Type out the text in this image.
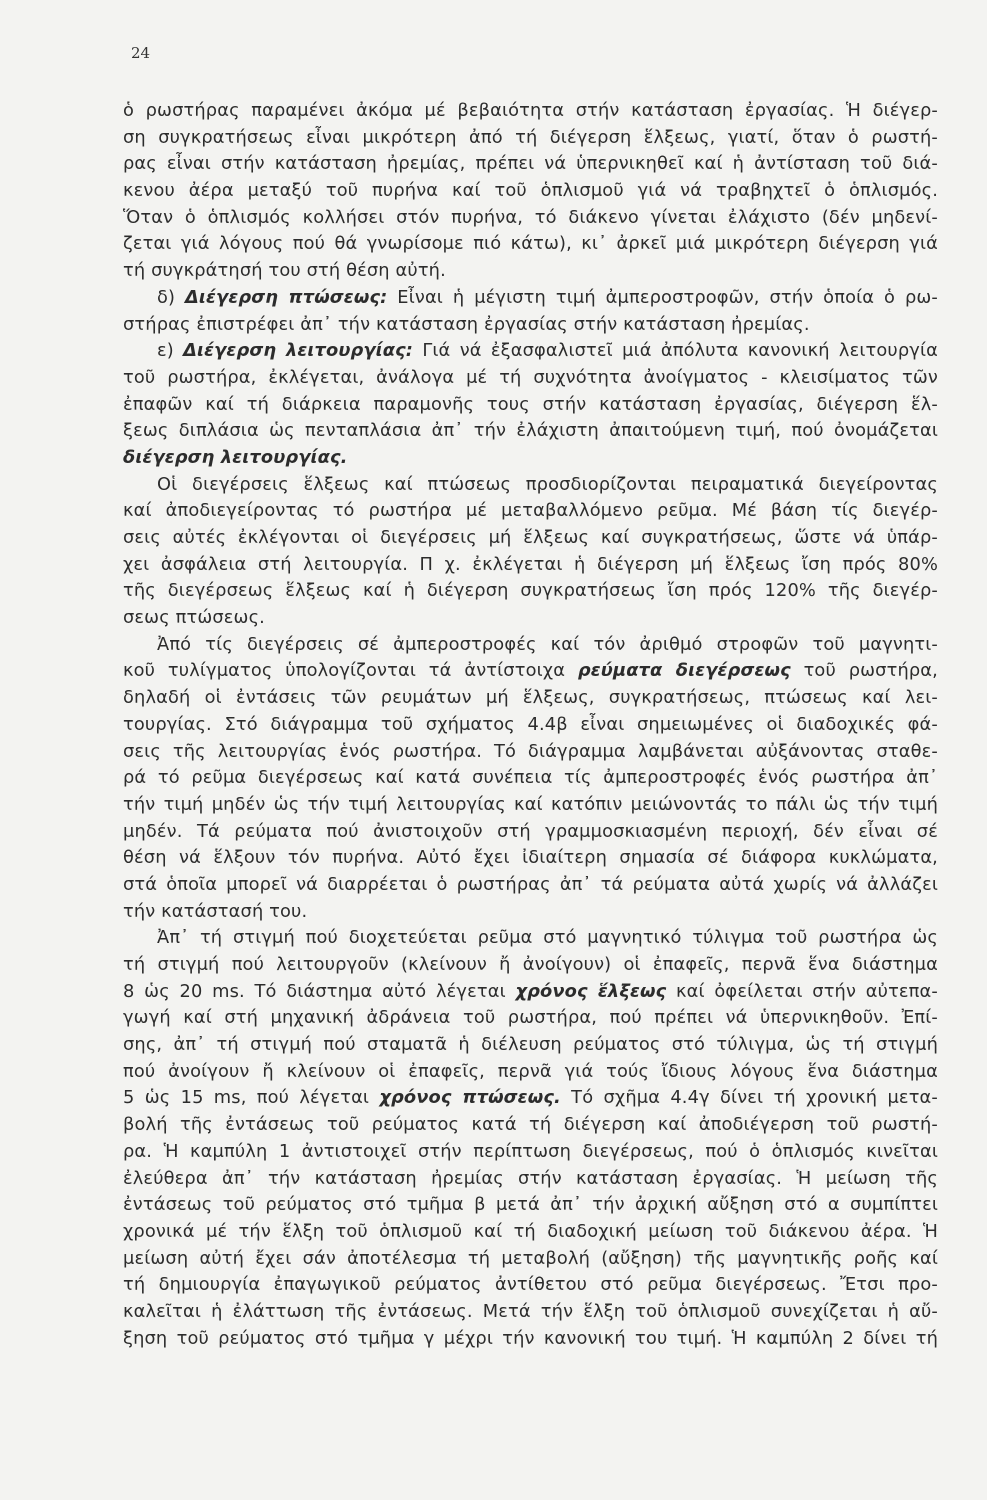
24
ὁ ρωστήρας παραμένει ἀκόμα μέ βεβαιότητα στήν κατάσταση ἐργασίας. Ἡ διέγερ-
ση συγκρατήσεως εἶναι μικρότερη ἀπό τή διέγερση ἕλξεως, γιατί, ὅταν ὁ ρωστή-
ρας εἶναι στήν κατάσταση ἠρεμίας, πρέπει νά ὑπερνικηθεῖ καί ἡ ἀντίσταση τοῦ διά-
κενου ἀέρα μεταξύ τοῦ πυρήνα καί τοῦ ὁπλισμοῦ γιά νά τραβηχτεῖ ὁ ὁπλισμός.
Ὅταν ὁ ὁπλισμός κολλήσει στόν πυρήνα, τό διάκενο γίνεται ἐλάχιστο (δέν μηδενί-
ζεται γιά λόγους πού θά γνωρίσομε πιό κάτω), κι᾿ ἀρκεῖ μιά μικρότερη διέγερση γιά
τή συγκράτησή του στή θέση αὐτή.
δ) Διέγερση πτώσεως: Εἶναι ἡ μέγιστη τιμή ἀμπεροστροφῶν, στήν ὁποία ὁ ρω-
στήρας ἐπιστρέφει ἀπ᾿ τήν κατάσταση ἐργασίας στήν κατάσταση ἠρεμίας.
ε) Διέγερση λειτουργίας: Γιά νά ἐξασφαλιστεῖ μιά ἀπόλυτα κανονική λειτουργία
τοῦ ρωστήρα, ἐκλέγεται, ἀνάλογα μέ τή συχνότητα ἀνοίγματος - κλεισίματος τῶν
ἐπαφῶν καί τή διάρκεια παραμονῆς τους στήν κατάσταση ἐργασίας, διέγερση ἕλ-
ξεως διπλάσια ὡς πενταπλάσια ἀπ᾿ τήν ἐλάχιστη ἀπαιτούμενη τιμή, πού ὀνομάζεται
διέγερση λειτουργίας.
Οἱ διεγέρσεις ἕλξεως καί πτώσεως προσδιορίζονται πειραματικά διεγείροντας
καί ἀποδιεγείροντας τό ρωστήρα μέ μεταβαλλόμενο ρεῦμα. Μέ βάση τίς διεγέρ-
σεις αὐτές ἐκλέγονται οἱ διεγέρσεις μή ἕλξεως καί συγκρατήσεως, ὥστε νά ὑπάρ-
χει ἀσφάλεια στή λειτουργία. Π χ. ἐκλέγεται ἡ διέγερση μή ἕλξεως ἴση πρός 80%
τῆς διεγέρσεως ἕλξεως καί ἡ διέγερση συγκρατήσεως ἴση πρός 120% τῆς διεγέρ-
σεως πτώσεως.
Ἀπό τίς διεγέρσεις σέ ἀμπεροστροφές καί τόν ἀριθμό στροφῶν τοῦ μαγνητι-
κοῦ τυλίγματος ὑπολογίζονται τά ἀντίστοιχα ρεύματα διεγέρσεως τοῦ ρωστήρα,
δηλαδή οἱ ἐντάσεις τῶν ρευμάτων μή ἕλξεως, συγκρατήσεως, πτώσεως καί λει-
τουργίας. Στό διάγραμμα τοῦ σχήματος 4.4β εἶναι σημειωμένες οἱ διαδοχικές φά-
σεις τῆς λειτουργίας ἑνός ρωστήρα. Τό διάγραμμα λαμβάνεται αὐξάνοντας σταθε-
ρά τό ρεῦμα διεγέρσεως καί κατά συνέπεια τίς ἀμπεροστροφές ἑνός ρωστήρα ἀπ᾿
τήν τιμή μηδέν ὡς τήν τιμή λειτουργίας καί κατόπιν μειώνοντάς το πάλι ὡς τήν τιμή
μηδέν. Τά ρεύματα πού ἀνιστοιχοῦν στή γραμμοσκιασμένη περιοχή, δέν εἶναι σέ
θέση νά ἕλξουν τόν πυρήνα. Αὐτό ἔχει ἰδιαίτερη σημασία σέ διάφορα κυκλώματα,
στά ὁποῖα μπορεῖ νά διαρρέεται ὁ ρωστήρας ἀπ᾿ τά ρεύματα αὐτά χωρίς νά ἀλλάζει
τήν κατάστασή του.
Ἀπ᾿ τή στιγμή πού διοχετεύεται ρεῦμα στό μαγνητικό τύλιγμα τοῦ ρωστήρα ὡς
τή στιγμή πού λειτουργοῦν (κλείνουν ἤ ἀνοίγουν) οἱ ἐπαφεῖς, περνᾶ ἕνα διάστημα
8 ὡς 20 ms. Τό διάστημα αὐτό λέγεται χρόνος ἕλξεως καί ὀφείλεται στήν αὐτεπα-
γωγή καί στή μηχανική ἀδράνεια τοῦ ρωστήρα, πού πρέπει νά ὑπερνικηθοῦν. Ἐπί-
σης, ἀπ᾿ τή στιγμή πού σταματᾶ ἡ διέλευση ρεύματος στό τύλιγμα, ὡς τή στιγμή
πού ἀνοίγουν ἤ κλείνουν οἱ ἐπαφεῖς, περνᾶ γιά τούς ἴδιους λόγους ἕνα διάστημα
5 ὡς 15 ms, πού λέγεται χρόνος πτώσεως. Τό σχῆμα 4.4γ δίνει τή χρονική μετα-
βολή τῆς ἐντάσεως τοῦ ρεύματος κατά τή διέγερση καί ἀποδιέγερση τοῦ ρωστή-
ρα. Ἡ καμπύλη 1 ἀντιστοιχεῖ στήν περίπτωση διεγέρσεως, πού ὁ ὁπλισμός κινεῖται
ἐλεύθερα ἀπ᾿ τήν κατάσταση ἠρεμίας στήν κατάσταση ἐργασίας. Ἡ μείωση τῆς
ἐντάσεως τοῦ ρεύματος στό τμῆμα β μετά ἀπ᾿ τήν ἀρχική αὔξηση στό α συμπίπτει
χρονικά μέ τήν ἕλξη τοῦ ὁπλισμοῦ καί τή διαδοχική μείωση τοῦ διάκενου ἀέρα. Ἡ
μείωση αὐτή ἔχει σάν ἀποτέλεσμα τή μεταβολή (αὔξηση) τῆς μαγνητικῆς ροῆς καί
τή δημιουργία ἐπαγωγικοῦ ρεύματος ἀντίθετου στό ρεῦμα διεγέρσεως. Ἔτσι προ-
καλεῖται ἡ ἐλάττωση τῆς ἐντάσεως. Μετά τήν ἕλξη τοῦ ὁπλισμοῦ συνεχίζεται ἡ αὔ-
ξηση τοῦ ρεύματος στό τμῆμα γ μέχρι τήν κανονική του τιμή. Ἡ καμπύλη 2 δίνει τή
